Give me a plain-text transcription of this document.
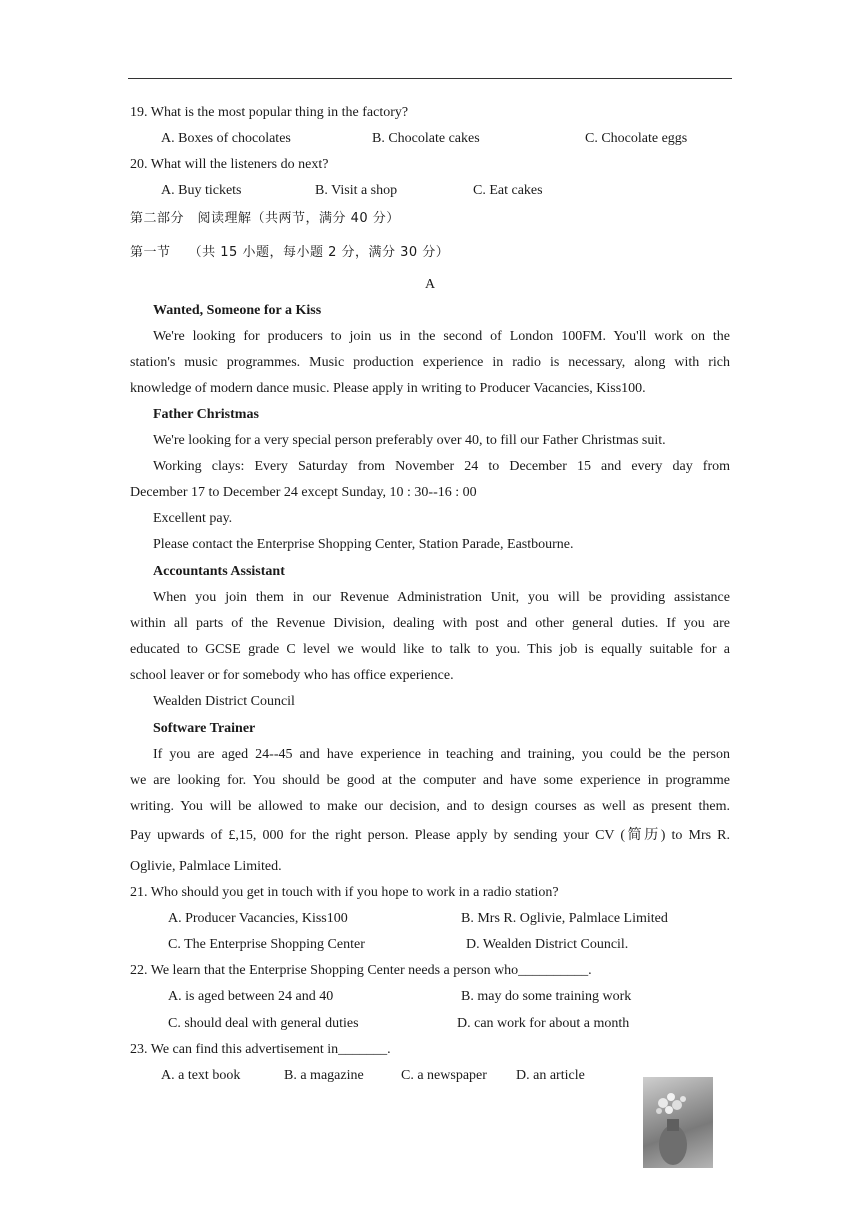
19. What is the most popular thing in the factory?
A. Boxes of chocolates	B. Chocolate cakes	C. Chocolate eggs
20. What will the listeners do next?
A. Buy tickets	B. Visit a shop	C. Eat cakes
第二部分　阅读理解（共两节，满分 40 分）
第一节　 （共 15 小题，每小题 2 分，满分 30 分）
A
Wanted, Someone for a Kiss
We're looking for producers to join us in the second of London 100FM. You'll work on the
station's music programmes. Music production experience in radio is necessary, along with rich
knowledge of modern dance music. Please apply in writing to Producer Vacancies, Kiss100.
Father Christmas
We're looking for a very special person preferably over 40, to fill our Father Christmas suit.
Working clays: Every Saturday from November 24 to December 15 and every day from
December 17 to December 24 except Sunday, 10 : 30--16 : 00
Excellent pay.
Please contact the Enterprise Shopping Center, Station Parade, Eastbourne.
Accountants Assistant
When you join them in our Revenue Administration Unit, you will be providing assistance
within all parts of the Revenue Division, dealing with post and other general duties. If you are
educated to GCSE grade C level we would like to talk to you. This job is equally suitable for a
school leaver or for somebody who has office experience.
Wealden District Council
Software Trainer
If you are aged 24--45 and have experience in teaching and training, you could be the person
we are looking for. You should be good at the computer and have some experience in programme
writing. You will be allowed to make our decision, and to design courses as well as present them.
Pay upwards of £,15, 000 for the right person. Please apply by sending your CV (简历) to Mrs R.
Oglivie, Palmlace Limited.
21. Who should you get in touch with if you hope to work in a radio station?
A. Producer Vacancies, Kiss100	B. Mrs R. Oglivie, Palmlace Limited
C. The Enterprise Shopping Center	D. Wealden District Council.
22. We learn that the Enterprise Shopping Center needs a person who__________.
A. is aged between 24 and 40	B. may do some training work
C. should deal with general duties	D. can work for about a month
23. We can find this advertisement in_______.
A. a text book	B. a magazine	C. a newspaper D. an article
